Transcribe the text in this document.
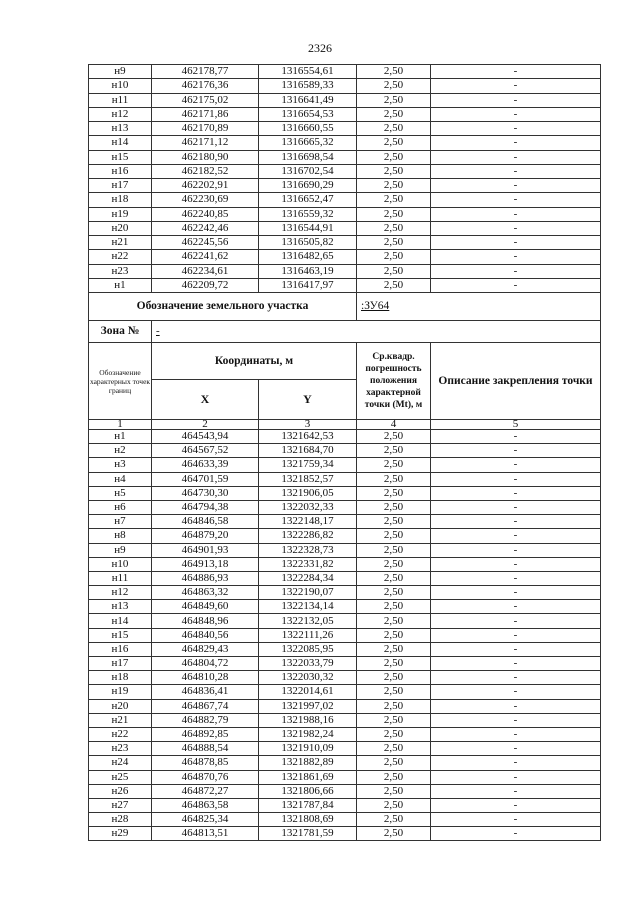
2326
н9	462178,77	1316554,61	2,50	-
н10	462176,36	1316589,33	2,50	-
н11	462175,02	1316641,49	2,50	-
н12	462171,86	1316654,53	2,50	-
н13	462170,89	1316660,55	2,50	-
н14	462171,12	1316665,32	2,50	-
н15	462180,90	1316698,54	2,50	-
н16	462182,52	1316702,54	2,50	-
н17	462202,91	1316690,29	2,50	-
н18	462230,69	1316652,47	2,50	-
н19	462240,85	1316559,32	2,50	-
н20	462242,46	1316544,91	2,50	-
н21	462245,56	1316505,82	2,50	-
н22	462241,62	1316482,65	2,50	-
н23	462234,61	1316463,19	2,50	-
н1	462209,72	1316417,97	2,50	-
Обозначение земельного участка			:ЗУ64	
Зона №	-			
Обозначение характерных точек границ	Координаты, м		Ср.квадр. погрешность положения характерной точки (Mt), м	Описание закрепления точки
	X	Y		
1	2	3	4	5
н1	464543,94	1321642,53	2,50	-
н2	464567,52	1321684,70	2,50	-
н3	464633,39	1321759,34	2,50	-
н4	464701,59	1321852,57	2,50	-
н5	464730,30	1321906,05	2,50	-
н6	464794,38	1322032,33	2,50	-
н7	464846,58	1322148,17	2,50	-
н8	464879,20	1322286,82	2,50	-
н9	464901,93	1322328,73	2,50	-
н10	464913,18	1322331,82	2,50	-
н11	464886,93	1322284,34	2,50	-
н12	464863,32	1322190,07	2,50	-
н13	464849,60	1322134,14	2,50	-
н14	464848,96	1322132,05	2,50	-
н15	464840,56	1322111,26	2,50	-
н16	464829,43	1322085,95	2,50	-
н17	464804,72	1322033,79	2,50	-
н18	464810,28	1322030,32	2,50	-
н19	464836,41	1322014,61	2,50	-
н20	464867,74	1321997,02	2,50	-
н21	464882,79	1321988,16	2,50	-
н22	464892,85	1321982,24	2,50	-
н23	464888,54	1321910,09	2,50	-
н24	464878,85	1321882,89	2,50	-
н25	464870,76	1321861,69	2,50	-
н26	464872,27	1321806,66	2,50	-
н27	464863,58	1321787,84	2,50	-
н28	464825,34	1321808,69	2,50	-
н29	464813,51	1321781,59	2,50	-
